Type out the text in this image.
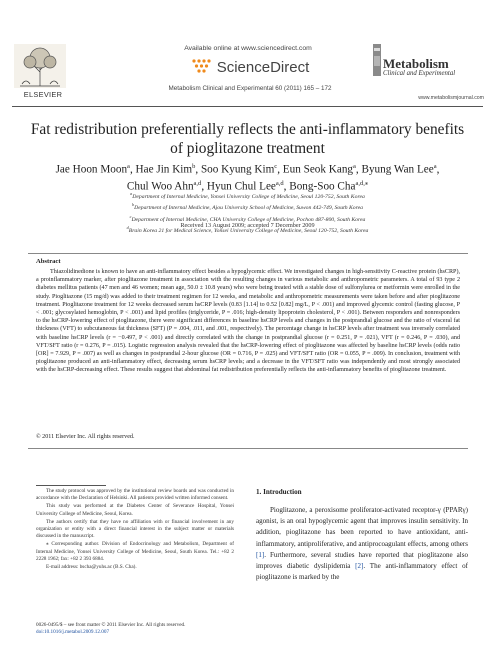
ELSEVIER
Available online at www.sciencedirect.com
ScienceDirect
Metabolism Clinical and Experimental 60 (2011) 165 – 172
Metabolism
Clinical and Experimental
www.metabolismjournal.com
Fat redistribution preferentially reflects the anti-inflammatory benefits of pioglitazone treatment
Jae Hoon Moon$^a$, Hae Jin Kim$^b$, Soo Kyung Kim$^c$, Eun Seok Kang$^a$, Byung Wan Lee$^a$,
Chul Woo Ahn$^{a,d}$, Hyun Chul Lee$^{a,d}$, Bong-Soo Cha$^{a,d,⁎}$
$^a$Department of Internal Medicine, Yonsei University College of Medicine, Seoul 120-752, South Korea
$^b$Department of Internal Medicine, Ajou University School of Medicine, Suwon 442-749, South Korea
$^c$Department of Internal Medicine, CHA University College of Medicine, Pochon 487-800, South Korea
$^d$Brain Korea 21 for Medical Science, Yonsei University College of Medicine, Seoul 120-752, South Korea
Received 13 August 2009; accepted 7 December 2009
Abstract

Thiazolidinedione is known to have an anti-inflammatory effect besides a hypoglycemic effect. We investigated changes in high-sensitivity C-reactive protein (hsCRP), a proinflammatory marker, after pioglitazone treatment in association with the resulting changes in various metabolic and anthropometric parameters. A total of 93 type 2 diabetes mellitus patients (47 men and 46 women; mean age, 50.0 ± 10.8 years) who were being treated with a stable dose of sulfonylurea or metformin were enrolled in the study. Pioglitazone (15 mg/d) was added to their treatment regimen for 12 weeks, and metabolic and anthropometric measurements were taken before and after pioglitazone treatment. Pioglitazone treatment for 12 weeks decreased serum hsCRP levels (0.83 [1.14] to 0.52 [0.82] mg/L, P < .001) and improved glycemic control (fasting glucose, P < .001; glycosylated hemoglobin, P < .001) and lipid profiles (triglyceride, P = .016; high-density lipoprotein cholesterol, P < .001). Between responders and nonresponders to the hsCRP-lowering effect of pioglitazone, there were significant differences in baseline hsCRP levels and changes in the postprandial glucose and the ratio of visceral fat thickness (VFT) to subcutaneous fat thickness (SFT) (P = .004, .011, and .001, respectively). The percentage change in hsCRP levels after treatment was inversely correlated with baseline hsCRP levels (r = −0.497, P < .001) and directly correlated with the change in postprandial glucose (r = 0.251, P = .021), VFT (r = 0.246, P = .030), and VFT/SFT ratio (r = 0.276, P = .015). Logistic regression analysis revealed that the hsCRP-lowering effect of pioglitazone was affected by baseline hsCRP levels (odds ratio [OR] = 7.929, P = .007) as well as changes in postprandial 2-hour glucose (OR = 0.716, P = .025) and VFT/SFT ratio (OR = 0.055, P = .009). In conclusion, treatment with pioglitazone produced an anti-inflammatory effect, decreasing serum hsCRP levels; and a decrease in the VFT/SFT ratio was independently and most strongly associated with the hsCRP-decreasing effect. These results suggest that abdominal fat redistribution preferentially reflects the anti-inflammatory benefits of pioglitazone treatment.

© 2011 Elsevier Inc. All rights reserved.

The study protocol was approved by the institutional review boards and was conducted in accordance with the Declaration of Helsinki. All patients provided written informed consent.

This study was performed at the Diabetes Center of Severance Hospital, Yonsei University College of Medicine, Seoul, Korea.

The authors certify that they have no affiliation with or financial involvement in any organization or entity with a direct financial interest in the subject matter or materials discussed in the manuscript.

⁎ Corresponding author. Division of Endocrinology and Metabolism, Department of Internal Medicine, Yonsei University College of Medicine, Seoul, South Korea. Tel.: +82 2 2228 1962; fax: +82 2 393 6884.

E-mail address: bscha@yuhs.ac (B.S. Cha).

0026-0495/$ – see front matter © 2011 Elsevier Inc. All rights reserved.
doi:10.1016/j.metabol.2009.12.007
1. Introduction

Pioglitazone, a peroxisome proliferator-activated receptor-γ (PPARγ) agonist, is an oral hypoglycemic agent that improves insulin sensitivity. In addition, pioglitazone has been reported to have antioxidant, anti-inflammatory, antiproliferative, and antiprocoagulant effects, among others [1]. Furthermore, several studies have reported that pioglitazone also improves diabetic dyslipidemia [2]. The anti-inflammatory effect of pioglitazone is marked by the
